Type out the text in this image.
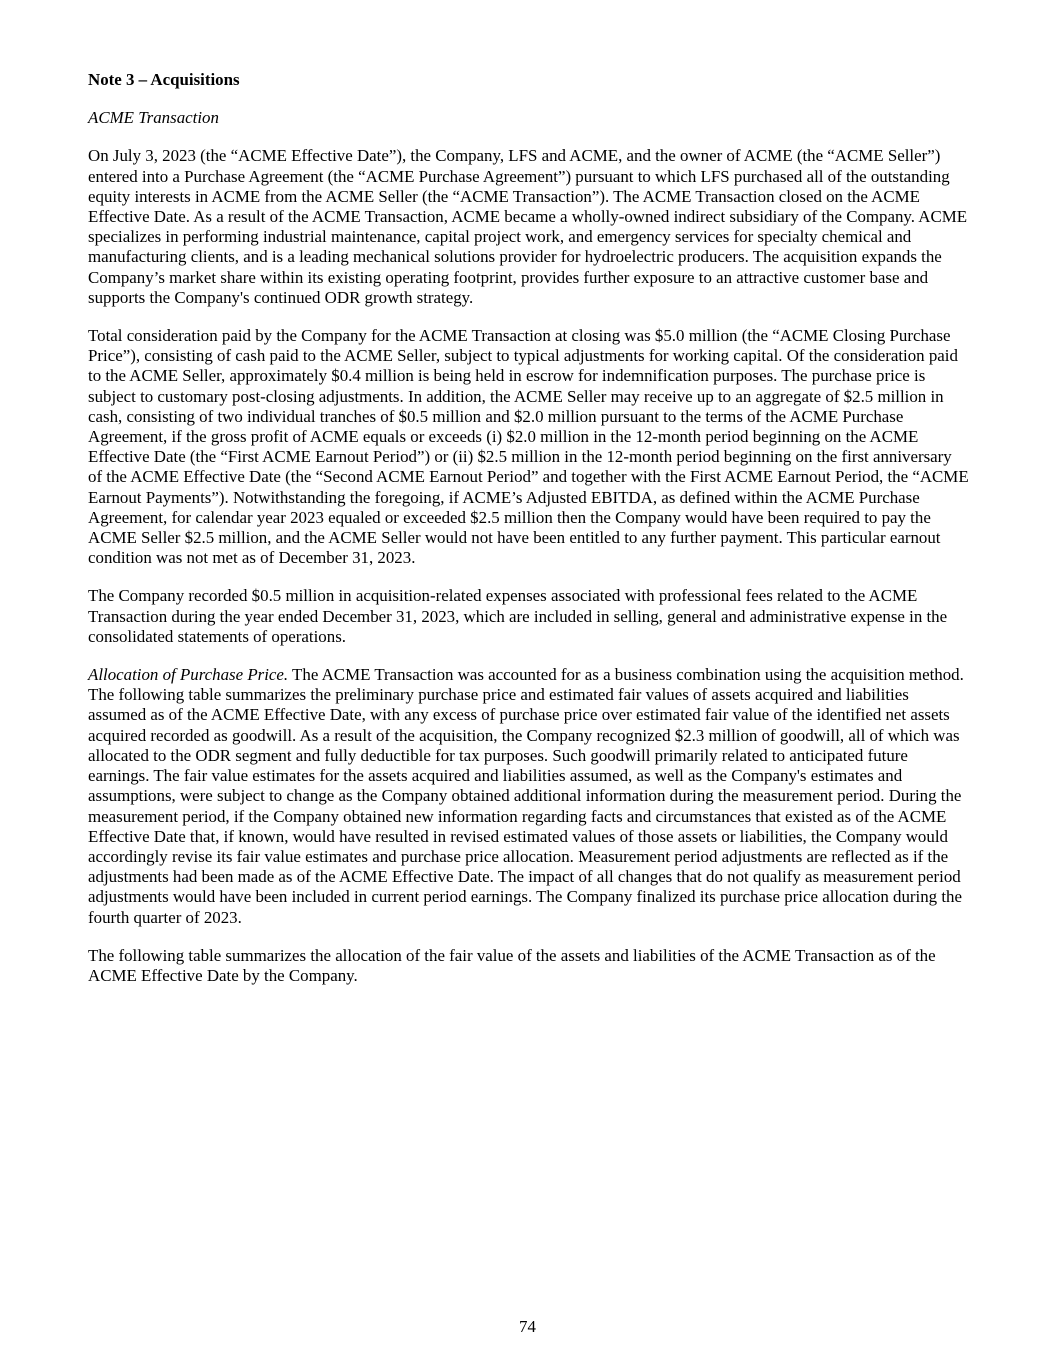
Note 3 – Acquisitions

ACME Transaction

On July 3, 2023 (the “ACME Effective Date”), the Company, LFS and ACME, and the owner of ACME (the “ACME Seller”) entered into a Purchase Agreement (the “ACME Purchase Agreement”) pursuant to which LFS purchased all of the outstanding equity interests in ACME from the ACME Seller (the “ACME Transaction”). The ACME Transaction closed on the ACME Effective Date. As a result of the ACME Transaction, ACME became a wholly-owned indirect subsidiary of the Company. ACME specializes in performing industrial maintenance, capital project work, and emergency services for specialty chemical and manufacturing clients, and is a leading mechanical solutions provider for hydroelectric producers. The acquisition expands the Company’s market share within its existing operating footprint, provides further exposure to an attractive customer base and supports the Company's continued ODR growth strategy.

Total consideration paid by the Company for the ACME Transaction at closing was $5.0 million (the “ACME Closing Purchase Price”), consisting of cash paid to the ACME Seller, subject to typical adjustments for working capital. Of the consideration paid to the ACME Seller, approximately $0.4 million is being held in escrow for indemnification purposes. The purchase price is subject to customary post-closing adjustments. In addition, the ACME Seller may receive up to an aggregate of $2.5 million in cash, consisting of two individual tranches of $0.5 million and $2.0 million pursuant to the terms of the ACME Purchase Agreement, if the gross profit of ACME equals or exceeds (i) $2.0 million in the 12-month period beginning on the ACME Effective Date (the “First ACME Earnout Period”) or (ii) $2.5 million in the 12-month period beginning on the first anniversary of the ACME Effective Date (the “Second ACME Earnout Period” and together with the First ACME Earnout Period, the “ACME Earnout Payments”). Notwithstanding the foregoing, if ACME’s Adjusted EBITDA, as defined within the ACME Purchase Agreement, for calendar year 2023 equaled or exceeded $2.5 million then the Company would have been required to pay the ACME Seller $2.5 million, and the ACME Seller would not have been entitled to any further payment. This particular earnout condition was not met as of December 31, 2023.

The Company recorded $0.5 million in acquisition-related expenses associated with professional fees related to the ACME Transaction during the year ended December 31, 2023, which are included in selling, general and administrative expense in the consolidated statements of operations.

Allocation of Purchase Price. The ACME Transaction was accounted for as a business combination using the acquisition method. The following table summarizes the preliminary purchase price and estimated fair values of assets acquired and liabilities assumed as of the ACME Effective Date, with any excess of purchase price over estimated fair value of the identified net assets acquired recorded as goodwill. As a result of the acquisition, the Company recognized $2.3 million of goodwill, all of which was allocated to the ODR segment and fully deductible for tax purposes. Such goodwill primarily related to anticipated future earnings. The fair value estimates for the assets acquired and liabilities assumed, as well as the Company's estimates and assumptions, were subject to change as the Company obtained additional information during the measurement period. During the measurement period, if the Company obtained new information regarding facts and circumstances that existed as of the ACME Effective Date that, if known, would have resulted in revised estimated values of those assets or liabilities, the Company would accordingly revise its fair value estimates and purchase price allocation. Measurement period adjustments are reflected as if the adjustments had been made as of the ACME Effective Date. The impact of all changes that do not qualify as measurement period adjustments would have been included in current period earnings. The Company finalized its purchase price allocation during the fourth quarter of 2023.

The following table summarizes the allocation of the fair value of the assets and liabilities of the ACME Transaction as of the ACME Effective Date by the Company.

74
